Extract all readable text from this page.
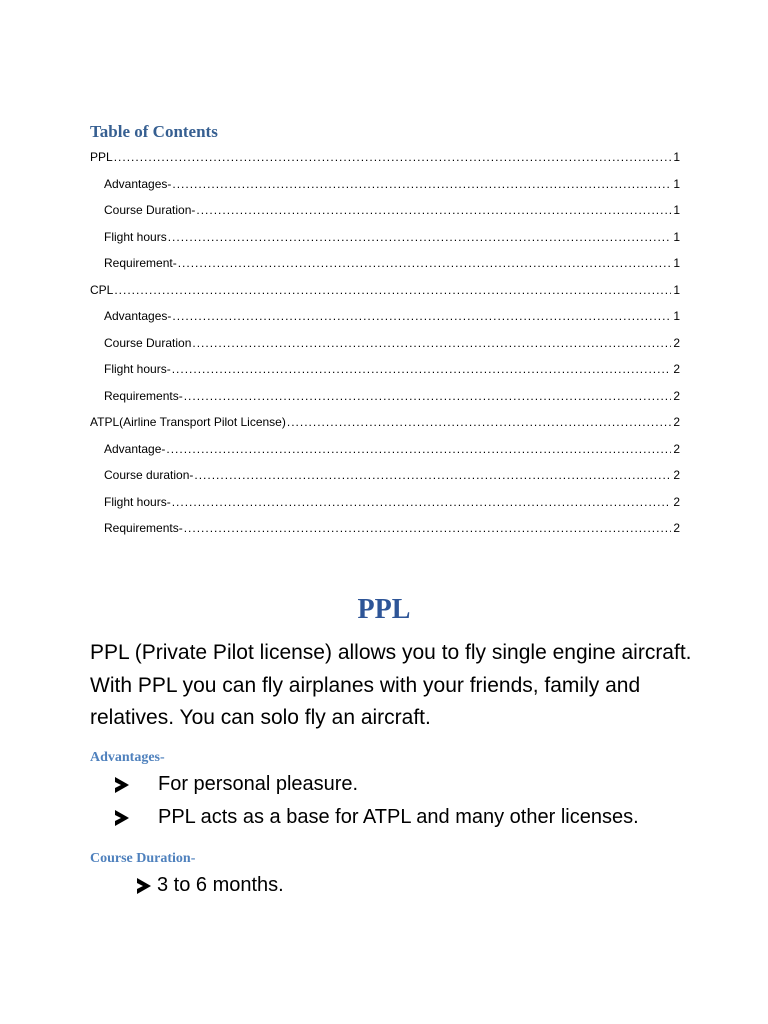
Table of Contents
PPL .....	1
Advantages- .....	1
Course Duration- .....	1
Flight hours .....	1
Requirement- .....	1
CPL .....	1
Advantages- .....	1
Course Duration .....	2
Flight hours- .....	2
Requirements- .....	2
ATPL(Airline Transport Pilot License) .....	2
Advantage- .....	2
Course duration- .....	2
Flight hours- .....	2
Requirements- .....	2
PPL

PPL (Private Pilot license) allows you to fly single engine aircraft. With PPL you can fly airplanes with your friends, family and relatives. You can solo fly an aircraft.

Advantages-
For personal pleasure.
PPL acts as a base for ATPL and many other licenses.
Course Duration-
3 to 6 months.
